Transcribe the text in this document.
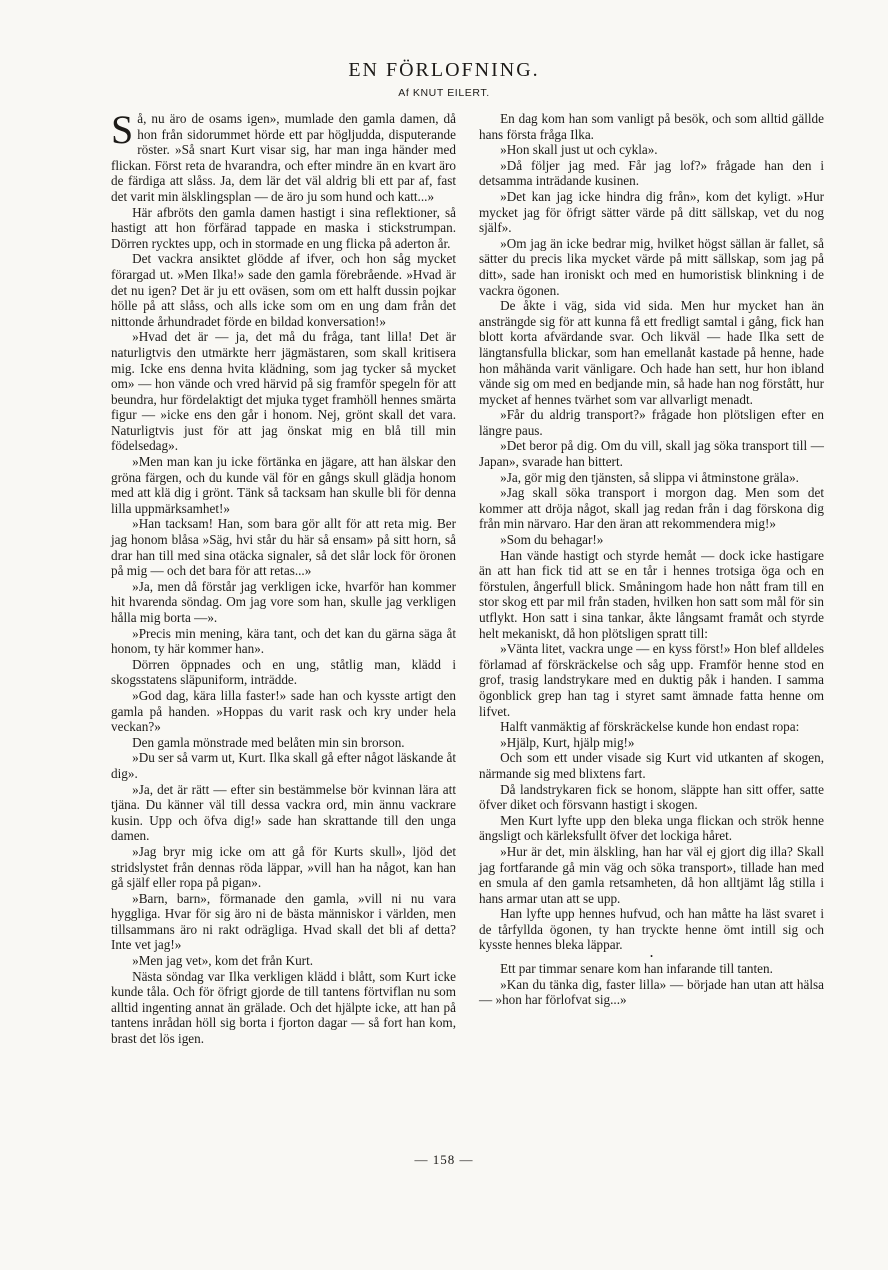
EN FÖRLOFNING.
Af KNUT EILERT.

Så, nu äro de osams igen», mumlade den gamla damen, då hon från sidorummet hörde ett par högljudda, disputerande röster. »Så snart Kurt visar sig, har man inga händer med flickan. Först reta de hvarandra, och efter mindre än en kvart äro de färdiga att slåss. Ja, dem lär det väl aldrig bli ett par af, fast det varit min älsklingsplan — de äro ju som hund och katt...»

Här afbröts den gamla damen hastigt i sina reflektioner, så hastigt att hon förfärad tappade en maska i stickstrumpan. Dörren rycktes upp, och in stormade en ung flicka på aderton år.

Det vackra ansiktet glödde af ifver, och hon såg mycket förargad ut. »Men Ilka!» sade den gamla förebrående. »Hvad är det nu igen? Det är ju ett oväsen, som om ett halft dussin pojkar hölle på att slåss, och alls icke som om en ung dam från det nittonde århundradet förde en bildad konversation!»

»Hvad det är — ja, det må du fråga, tant lilla! Det är naturligtvis den utmärkte herr jägmästaren, som skall kritisera mig. Icke ens denna hvita klädning, som jag tycker så mycket om» — hon vände och vred härvid på sig framför spegeln för att beundra, hur fördelaktigt det mjuka tyget framhöll hennes smärta figur — »icke ens den går i honom. Nej, grönt skall det vara. Naturligtvis just för att jag önskat mig en blå till min födelsedag».

»Men man kan ju icke förtänka en jägare, att han älskar den gröna färgen, och du kunde väl för en gångs skull glädja honom med att klä dig i grönt. Tänk så tacksam han skulle bli för denna lilla uppmärksamhet!»

»Han tacksam! Han, som bara gör allt för att reta mig. Ber jag honom blåsa »Säg, hvi står du här så ensam» på sitt horn, så drar han till med sina otäcka signaler, så det slår lock för öronen på mig — och det bara för att retas...»

»Ja, men då förstår jag verkligen icke, hvarför han kommer hit hvarenda söndag. Om jag vore som han, skulle jag verkligen hålla mig borta —».

»Precis min mening, kära tant, och det kan du gärna säga åt honom, ty här kommer han».

Dörren öppnades och en ung, ståtlig man, klädd i skogsstatens släpuniform, inträdde.

»God dag, kära lilla faster!» sade han och kysste artigt den gamla på handen. »Hoppas du varit rask och kry under hela veckan?»

Den gamla mönstrade med belåten min sin brorson.

»Du ser så varm ut, Kurt. Ilka skall gå efter något läskande åt dig».

»Ja, det är rätt — efter sin bestämmelse bör kvinnan lära att tjäna. Du känner väl till dessa vackra ord, min ännu vackrare kusin. Upp och öfva dig!» sade han skrattande till den unga damen.

»Jag bryr mig icke om att gå för Kurts skull», ljöd det stridslystet från dennas röda läppar, »vill han ha något, kan han gå själf eller ropa på pigan».

»Barn, barn», förmanade den gamla, »vill ni nu vara hyggliga. Hvar för sig äro ni de bästa människor i världen, men tillsammans äro ni rakt odrägliga. Hvad skall det bli af detta? Inte vet jag!»

»Men jag vet», kom det från Kurt.

Nästa söndag var Ilka verkligen klädd i blått, som Kurt icke kunde tåla. Och för öfrigt gjorde de till tantens förtviflan nu som alltid ingenting annat än grälade. Och det hjälpte icke, att han på tantens inrådan höll sig borta i fjorton dagar — så fort han kom, brast det lös igen.

En dag kom han som vanligt på besök, och som alltid gällde hans första fråga Ilka.

»Hon skall just ut och cykla».

»Då följer jag med. Får jag lof?» frågade han den i detsamma inträdande kusinen.

»Det kan jag icke hindra dig från», kom det kyligt. »Hur mycket jag för öfrigt sätter värde på ditt sällskap, vet du nog själf».

»Om jag än icke bedrar mig, hvilket högst sällan är fallet, så sätter du precis lika mycket värde på mitt sällskap, som jag på ditt», sade han ironiskt och med en humoristisk blinkning i de vackra ögonen.

De åkte i väg, sida vid sida. Men hur mycket han än ansträngde sig för att kunna få ett fredligt samtal i gång, fick han blott korta afvärdande svar. Och likväl — hade Ilka sett de längtansfulla blickar, som han emellanåt kastade på henne, hade hon måhända varit vänligare. Och hade han sett, hur hon ibland vände sig om med en bedjande min, så hade han nog förstått, hur mycket af hennes tvärhet som var allvarligt menadt.

»Får du aldrig transport?» frågade hon plötsligen efter en längre paus.

»Det beror på dig. Om du vill, skall jag söka transport till — Japan», svarade han bittert.

»Ja, gör mig den tjänsten, så slippa vi åtminstone gräla».

»Jag skall söka transport i morgon dag. Men som det kommer att dröja något, skall jag redan från i dag förskona dig från min närvaro. Har den äran att rekommendera mig!»

»Som du behagar!»

Han vände hastigt och styrde hemåt — dock icke hastigare än att han fick tid att se en tår i hennes trotsiga öga och en förstulen, ångerfull blick. Småningom hade hon nått fram till en stor skog ett par mil från staden, hvilken hon satt som mål för sin utflykt. Hon satt i sina tankar, åkte långsamt framåt och styrde helt mekaniskt, då hon plötsligen spratt till:

»Vänta litet, vackra unge — en kyss först!» Hon blef alldeles förlamad af förskräckelse och såg upp. Framför henne stod en grof, trasig landstrykare med en duktig påk i handen. I samma ögonblick grep han tag i styret samt ämnade fatta henne om lifvet.

Halft vanmäktig af förskräckelse kunde hon endast ropa:

»Hjälp, Kurt, hjälp mig!»

Och som ett under visade sig Kurt vid utkanten af skogen, närmande sig med blixtens fart.

Då landstrykaren fick se honom, släppte han sitt offer, satte öfver diket och försvann hastigt i skogen.

Men Kurt lyfte upp den bleka unga flickan och strök henne ängsligt och kärleksfullt öfver det lockiga håret.

»Hur är det, min älskling, han har väl ej gjort dig illa? Skall jag fortfarande gå min väg och söka transport», tillade han med en smula af den gamla retsamheten, då hon alltjämt låg stilla i hans armar utan att se upp.

Han lyfte upp hennes hufvud, och han måtte ha läst svaret i de tårfyllda ögonen, ty han tryckte henne ömt intill sig och kysste hennes bleka läppar.

•

Ett par timmar senare kom han infarande till tanten.

»Kan du tänka dig, faster lilla» — började han utan att hälsa — »hon har förlofvat sig...»

— 158 —
